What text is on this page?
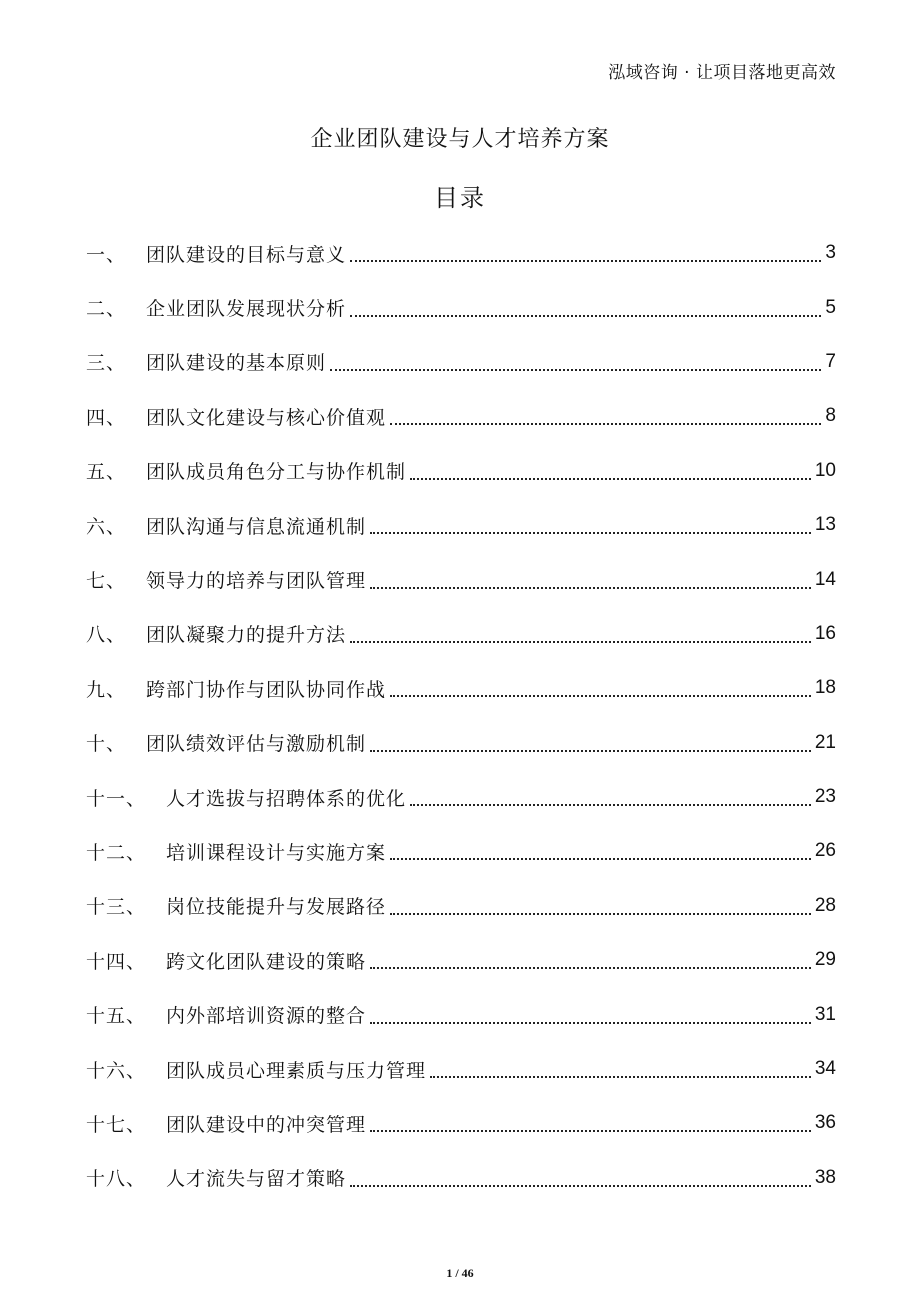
泓域咨询 · 让项目落地更高效
企业团队建设与人才培养方案
目录
一、 团队建设的目标与意义	3
二、 企业团队发展现状分析	5
三、 团队建设的基本原则	7
四、 团队文化建设与核心价值观	8
五、 团队成员角色分工与协作机制	10
六、 团队沟通与信息流通机制	13
七、 领导力的培养与团队管理	14
八、 团队凝聚力的提升方法	16
九、 跨部门协作与团队协同作战	18
十、 团队绩效评估与激励机制	21
十一、 人才选拔与招聘体系的优化	23
十二、 培训课程设计与实施方案	26
十三、 岗位技能提升与发展路径	28
十四、 跨文化团队建设的策略	29
十五、 内外部培训资源的整合	31
十六、 团队成员心理素质与压力管理	34
十七、 团队建设中的冲突管理	36
十八、 人才流失与留才策略	38
1 / 46
